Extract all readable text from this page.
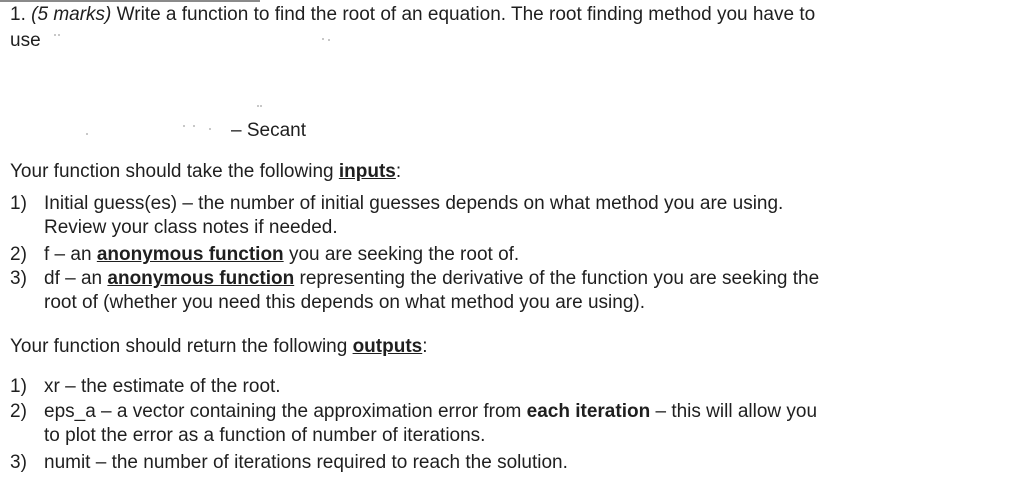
1. (5 marks) Write a function to find the root of an equation. The root finding method you have to
use
– Secant
Your function should take the following inputs:
1) Initial guess(es) – the number of initial guesses depends on what method you are using.
Review your class notes if needed.
2) f – an anonymous function you are seeking the root of.
3) df – an anonymous function representing the derivative of the function you are seeking the
root of (whether you need this depends on what method you are using).
Your function should return the following outputs:
1) xr – the estimate of the root.
2) eps_a – a vector containing the approximation error from each iteration – this will allow you
to plot the error as a function of number of iterations.
3) numit – the number of iterations required to reach the solution.
